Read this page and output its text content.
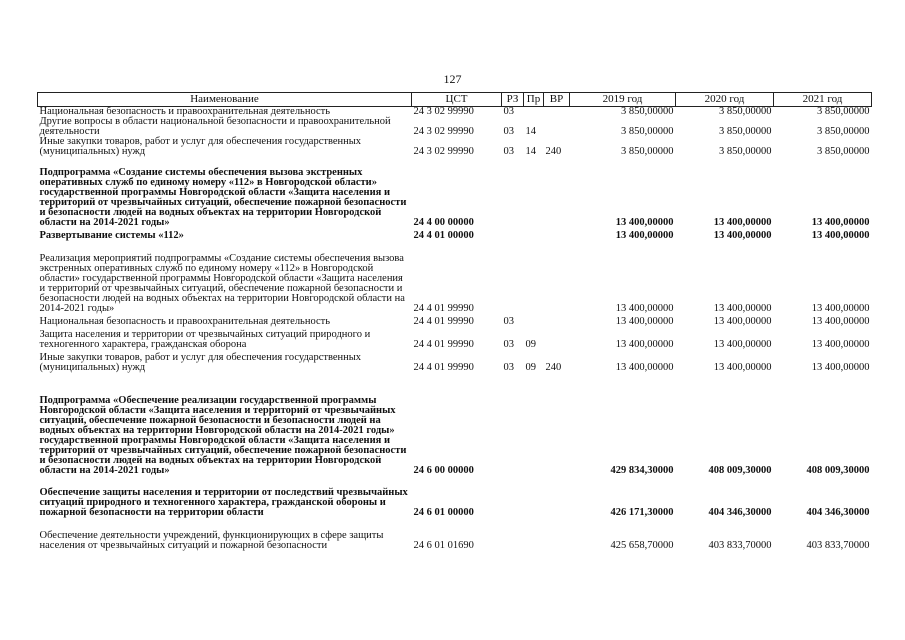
127
Наименование	ЦСТ	РЗ	Пр	ВР	2019 год	2020 год	2021 год
Национальная безопасность и правоохранительная деятельность	24 3 02 99990	03			3 850,00000	3 850,00000	3 850,00000
Другие вопросы в области национальной безопасности и правоохранительной деятельности	24 3 02 99990	03	14		3 850,00000	3 850,00000	3 850,00000
Иные закупки товаров, работ и услуг для обеспечения государственных (муниципальных) нужд	24 3 02 99990	03	14	240	3 850,00000	3 850,00000	3 850,00000
Подпрограмма «Создание системы обеспечения вызова экстренных оперативных служб по единому номеру «112» в Новгородской области» государственной программы Новгородской области «Защита населения и территорий от чрезвычайных ситуаций, обеспечение пожарной безопасности и безопасности людей на водных объектах на территории Новгородской области на 2014-2021 годы»	24 4 00 00000				13 400,00000	13 400,00000	13 400,00000
Развертывание системы «112»	24 4 01 00000				13 400,00000	13 400,00000	13 400,00000
Реализация мероприятий подпрограммы «Создание системы обеспечения вызова экстренных оперативных служб по единому номеру «112» в Новгородской области» государственной программы Новгородской области «Защита населения и территорий от чрезвычайных ситуаций, обеспечение пожарной безопасности и безопасности людей на водных объектах на территории Новгородской области на 2014-2021 годы»	24 4 01 99990				13 400,00000	13 400,00000	13 400,00000
Национальная безопасность и правоохранительная деятельность	24 4 01 99990	03			13 400,00000	13 400,00000	13 400,00000
Защита населения и территории от чрезвычайных ситуаций природного и техногенного характера, гражданская оборона	24 4 01 99990	03	09		13 400,00000	13 400,00000	13 400,00000
Иные закупки товаров, работ и услуг для обеспечения государственных (муниципальных) нужд	24 4 01 99990	03	09	240	13 400,00000	13 400,00000	13 400,00000
Подпрограмма «Обеспечение реализации государственной программы Новгородской области «Защита населения и территорий от чрезвычайных ситуаций, обеспечение пожарной безопасности и безопасности людей на водных объектах на территории Новгородской области на 2014-2021 годы» государственной программы Новгородской области «Защита населения и территорий от чрезвычайных ситуаций, обеспечение пожарной безопасности и безопасности людей на водных объектах на территории Новгородской области на 2014-2021 годы»	24 6 00 00000				429 834,30000	408 009,30000	408 009,30000
Обеспечение защиты населения и территории от последствий чрезвычайных ситуаций природного и техногенного характера, гражданской обороны и пожарной безопасности на территории области	24 6 01 00000				426 171,30000	404 346,30000	404 346,30000
Обеспечение деятельности учреждений, функционирующих в сфере защиты населения от чрезвычайных ситуаций и пожарной безопасности	24 6 01 01690				425 658,70000	403 833,70000	403 833,70000
